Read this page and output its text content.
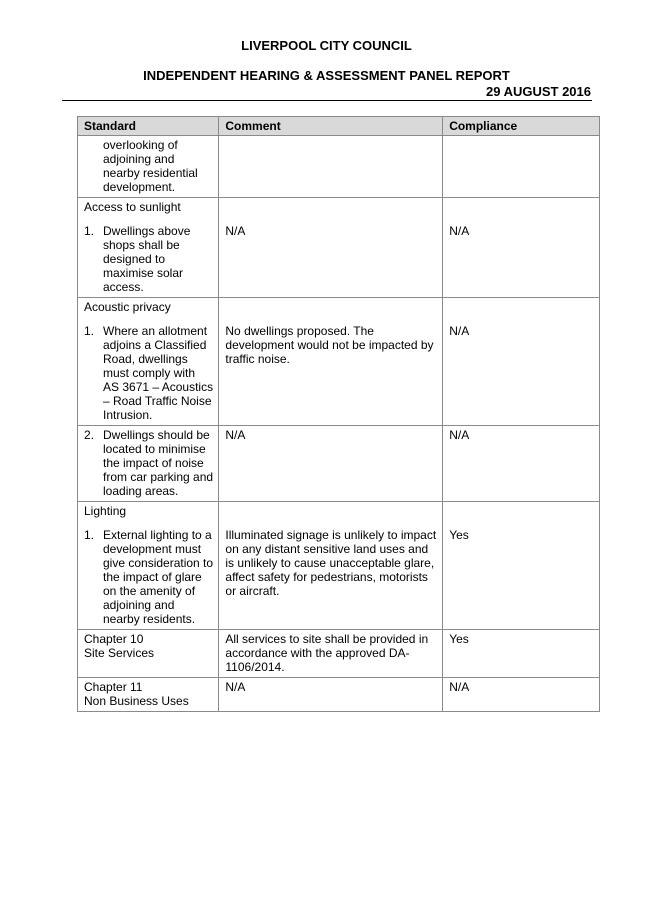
LIVERPOOL CITY COUNCIL
INDEPENDENT HEARING & ASSESSMENT PANEL REPORT
29 AUGUST 2016
Standard	Comment	Compliance

overlooking of adjoining and nearby residential development.		

Access to sunlight
1. Dwellings above shops shall be designed to maximise solar access.	N/A	N/A

Acoustic privacy
1. Where an allotment adjoins a Classified Road, dwellings must comply with AS 3671 – Acoustics – Road Traffic Noise Intrusion.	No dwellings proposed. The development would not be impacted by traffic noise.	N/A

2. Dwellings should be located to minimise the impact of noise from car parking and loading areas.	N/A	N/A

Lighting
1. External lighting to a development must give consideration to the impact of glare on the amenity of adjoining and nearby residents.	Illuminated signage is unlikely to impact on any distant sensitive land uses and is unlikely to cause unacceptable glare, affect safety for pedestrians, motorists or aircraft.	Yes

Chapter 10
Site Services	All services to site shall be provided in accordance with the approved DA-1106/2014.	Yes

Chapter 11
Non Business Uses	N/A	N/A
